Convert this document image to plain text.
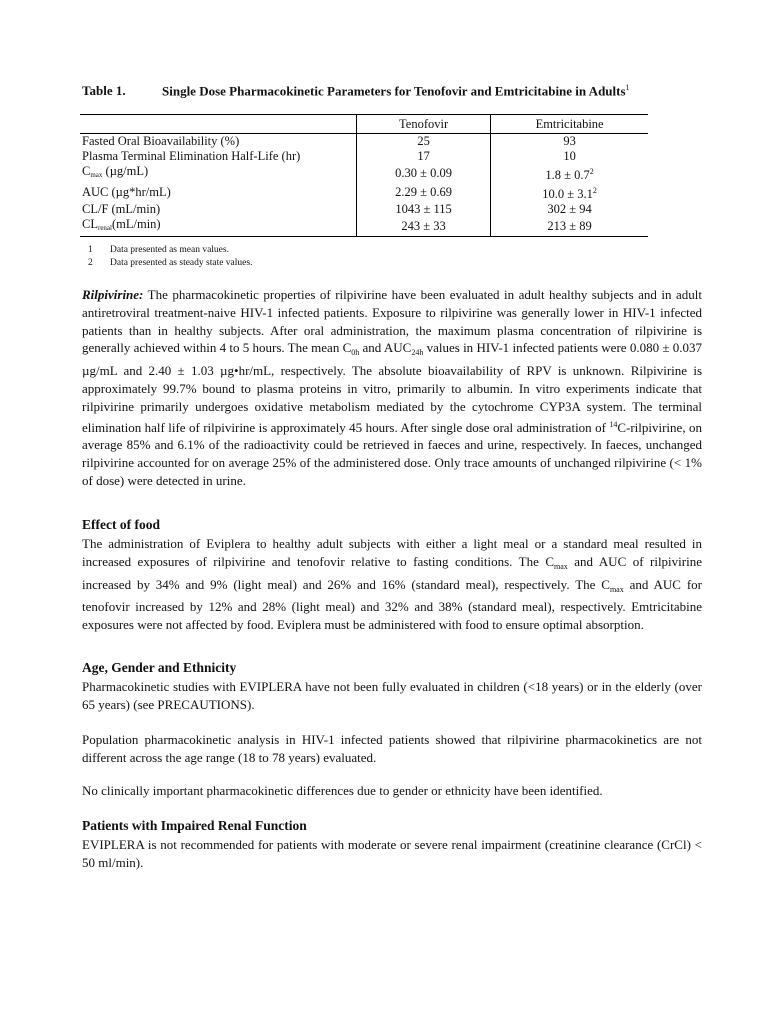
Table 1.	Single Dose Pharmacokinetic Parameters for Tenofovir and Emtricitabine in Adults$^1$
	Tenofovir	Emtricitabine
Fasted Oral Bioavailability (%)	25	93
Plasma Terminal Elimination Half-Life (hr)	17	10
$C_{max}$ (µg/mL)	0.30 ± 0.09	$1.8 \pm 0.7^2$
AUC (µg*hr/mL)	2.29 ± 0.69	$10.0 \pm 3.1^2$
CL/F (mL/min)	1043 ± 115	302 ± 94
$CL_{renal}(mL/\min)$	243 ± 33	213 ± 89
1	Data presented as mean values.
2	Data presented as steady state values.

Rilpivirine: The pharmacokinetic properties of rilpivirine have been evaluated in adult healthy subjects and in adult antiretroviral treatment-naive HIV-1 infected patients. Exposure to rilpivirine was generally lower in HIV-1 infected patients than in healthy subjects. After oral administration, the maximum plasma concentration of rilpivirine is generally achieved within 4 to 5 hours. The mean $C_{0h}$ and $AUC_{24h}$ values in HIV-1 infected patients were 0.080 ± 0.037 µg/mL and 2.40 ± 1.03 µg•hr/mL, respectively. The absolute bioavailability of RPV is unknown. Rilpivirine is approximately 99.7% bound to plasma proteins in vitro, primarily to albumin. In vitro experiments indicate that rilpivirine primarily undergoes oxidative metabolism mediated by the cytochrome CYP3A system. The terminal elimination half life of rilpivirine is approximately 45 hours. After single dose oral administration of $^{14}$C-rilpivirine, on average 85% and 6.1% of the radioactivity could be retrieved in faeces and urine, respectively. In faeces, unchanged rilpivirine accounted for on average 25% of the administered dose. Only trace amounts of unchanged rilpivirine (< 1% of dose) were detected in urine.

Effect of food

The administration of Eviplera to healthy adult subjects with either a light meal or a standard meal resulted in increased exposures of rilpivirine and tenofovir relative to fasting conditions. The $C_{max}$ and AUC of rilpivirine increased by 34% and 9% (light meal) and 26% and 16% (standard meal), respectively. The $C_{max}$ and AUC for tenofovir increased by 12% and 28% (light meal) and 32% and 38% (standard meal), respectively. Emtricitabine exposures were not affected by food. Eviplera must be administered with food to ensure optimal absorption.

Age, Gender and Ethnicity

Pharmacokinetic studies with EVIPLERA have not been fully evaluated in children (<18 years) or in the elderly (over 65 years) (see PRECAUTIONS).

Population pharmacokinetic analysis in HIV-1 infected patients showed that rilpivirine pharmacokinetics are not different across the age range (18 to 78 years) evaluated.

No clinically important pharmacokinetic differences due to gender or ethnicity have been identified.

Patients with Impaired Renal Function

EVIPLERA is not recommended for patients with moderate or severe renal impairment (creatinine clearance (CrCl) < 50 ml/min).
